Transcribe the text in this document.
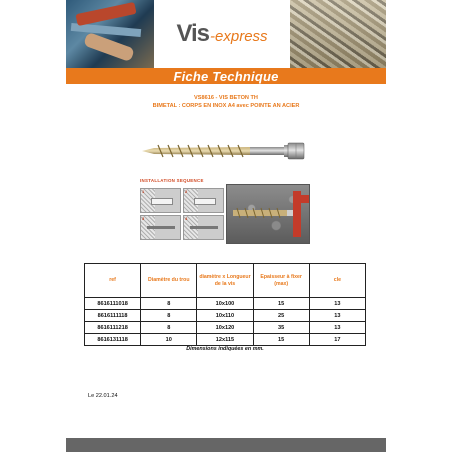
Vis -express
Fiche Technique
VS8616 - VIS BETON TH
BIMETAL : CORPS EN INOX A4 avec POINTE AN ACIER
INSTALLATION SEQUENCE
1	2
3	4
ref	Diamètre du trou	diamètre x Longueur de la vis	Epaisseur à fixer (max)	cle
8616111018	8	10x100	15	13
8616111118	8	10x110	25	13
8616111218	8	10x120	35	13
8616131118	10	12x115	15	17
Dimensions indiquées en mm.
Le 22.01.24
